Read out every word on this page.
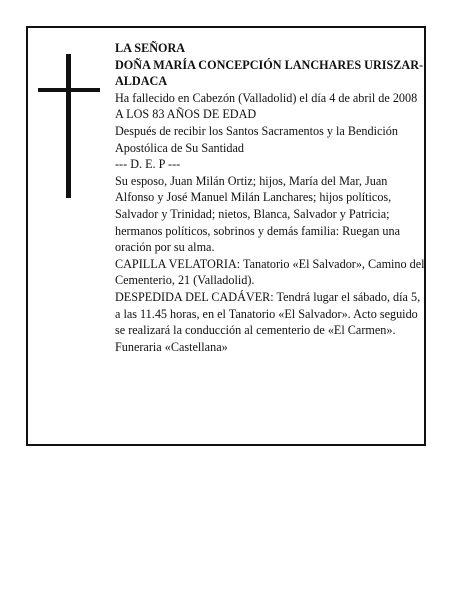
LA SEÑORA

DOÑA MARÍA CONCEPCIÓN LANCHARES URISZAR-ALDACA

Ha fallecido en Cabezón (Valladolid) el día 4 de abril de 2008

A LOS 83 AÑOS DE EDAD

Después de recibir los Santos Sacramentos y la Bendición Apostólica de Su Santidad

--- D. E. P ---

Su esposo, Juan Milán Ortiz; hijos, María del Mar, Juan Alfonso y José Manuel Milán Lanchares; hijos políticos, Salvador y Trinidad; nietos, Blanca, Salvador y Patricia; hermanos políticos, sobrinos y demás familia: Ruegan una oración por su alma.

CAPILLA VELATORIA: Tanatorio «El Salvador», Camino del Cementerio, 21 (Valladolid).

DESPEDIDA DEL CADÁVER: Tendrá lugar el sábado, día 5, a las 11.45 horas, en el Tanatorio «El Salvador». Acto seguido se realizará la conducción al cementerio de «El Carmen».

Funeraria «Castellana»
